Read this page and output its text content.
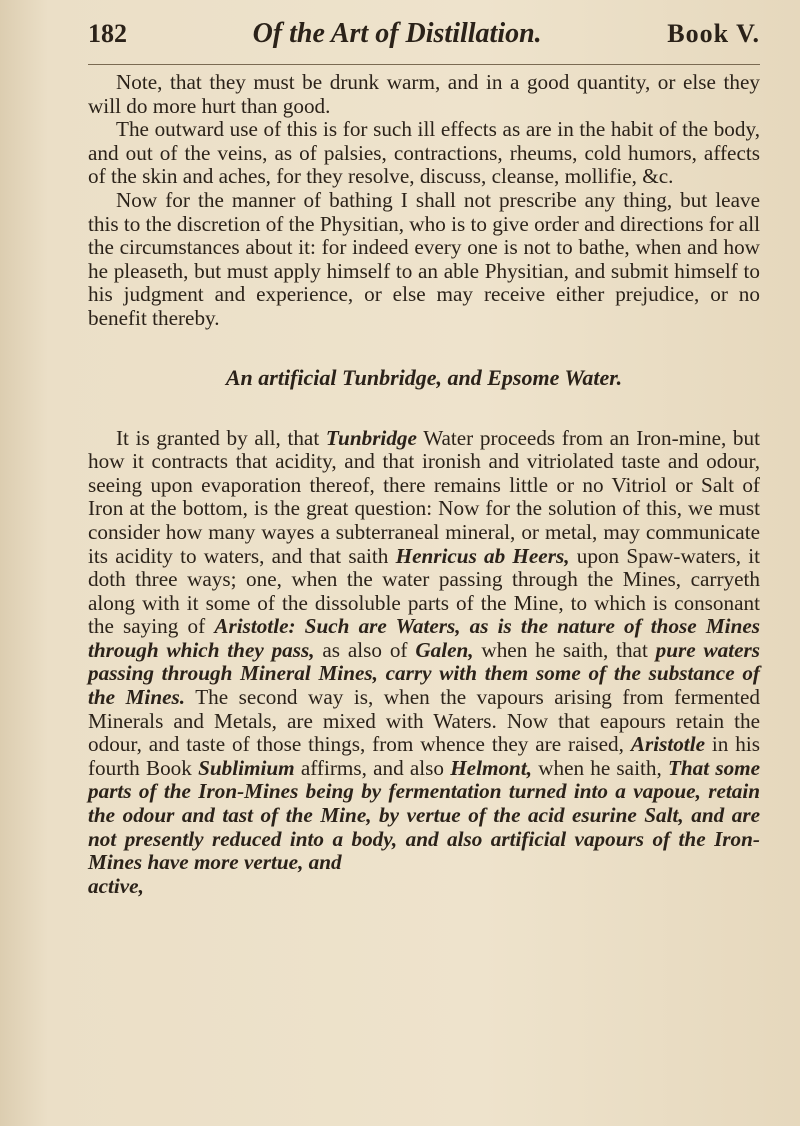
182	Of the Art of Distillation.	Book V.

Note, that they must be drunk warm, and in a good quantity, or else they will do more hurt than good.

The outward use of this is for such ill effects as are in the habit of the body, and out of the veins, as of palsies, contractions, rheums, cold humors, affects of the skin and aches, for they resolve, discuss, cleanse, mollifie, &c.

Now for the manner of bathing I shall not prescribe any thing, but leave this to the discretion of the Physitian, who is to give order and directions for all the circumstances about it: for indeed every one is not to bathe, when and how he pleaseth, but must apply himself to an able Physitian, and submit himself to his judgment and experience, or else may receive either prejudice, or no benefit thereby.

An artificial Tunbridge, and Epsome Water.

It is granted by all, that Tunbridge Water proceeds from an Iron-mine, but how it contracts that acidity, and that ironish and vitriolated taste and odour, seeing upon evaporation thereof, there remains little or no Vitriol or Salt of Iron at the bottom, is the great question: Now for the solution of this, we must consider how many wayes a subterraneal mineral, or metal, may communicate its acidity to waters, and that saith Henricus ab Heers, upon Spaw-waters, it doth three ways; one, when the water passing through the Mines, carryeth along with it some of the dissoluble parts of the Mine, to which is consonant the saying of Aristotle: Such are Waters, as is the nature of those Mines through which they pass, as also of Galen, when he saith, that pure waters passing through Mineral Mines, carry with them some of the substance of the Mines. The second way is, when the vapours arising from fermented Minerals and Metals, are mixed with Waters. Now that eapours retain the odour, and taste of those things, from whence they are raised, Aristotle in his fourth Book Sublimium affirms, and also Helmont, when he saith, That some parts of the Iron-Mines being by fermentation turned into a vapoue, retain the odour and tast of the Mine, by vertue of the acid esurine Salt, and are not presently reduced into a body, and also artificial vapours of the Iron-Mines have more vertue, and

active,
